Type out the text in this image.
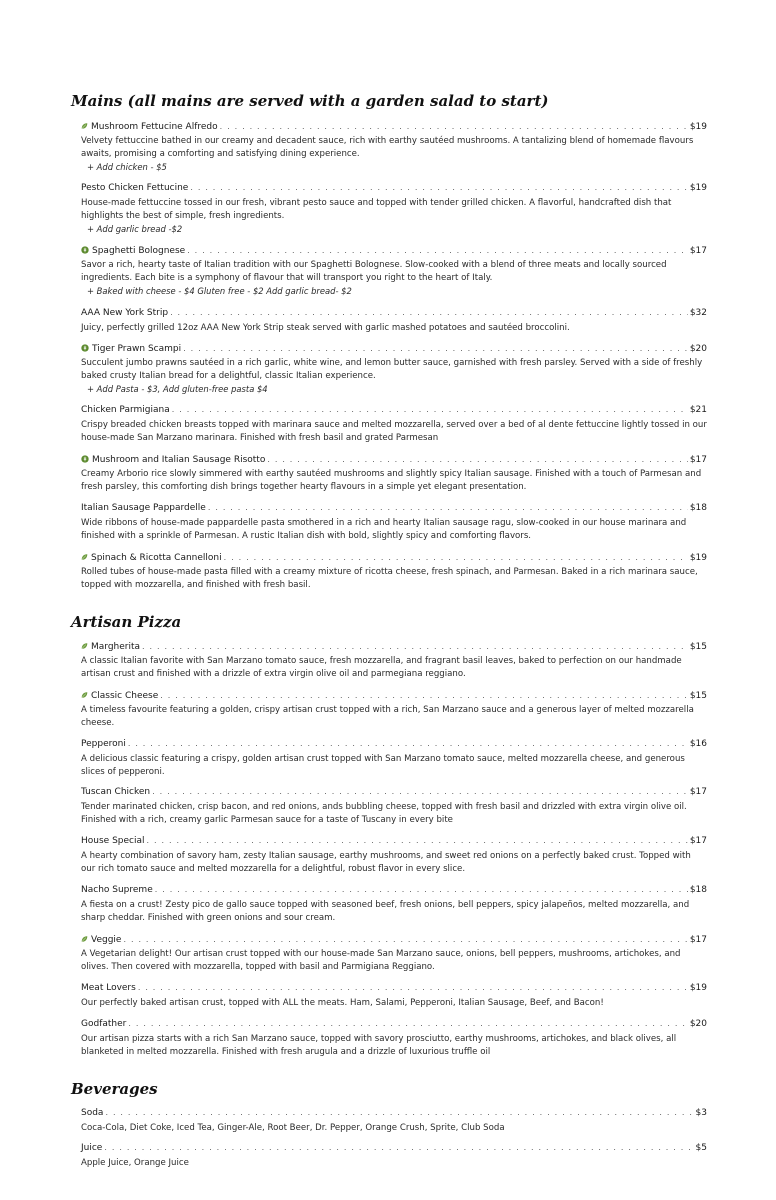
Mains (all mains are served with a garden salad to start)
Mushroom Fettucine Alfredo . . .	$19

Velvety fettuccine bathed in our creamy and decadent sauce, rich with earthy sautéed mushrooms. A tantalizing blend of homemade flavours awaits, promising a comforting and satisfying dining experience.

+ Add chicken - $5

Pesto Chicken Fettucine . . .	$19

House-made fettuccine tossed in our fresh, vibrant pesto sauce and topped with tender grilled chicken. A flavorful, handcrafted dish that highlights the best of simple, fresh ingredients.

+ Add garlic bread -$2

Spaghetti Bolognese . . .	$17

Savor a rich, hearty taste of Italian tradition with our Spaghetti Bolognese. Slow-cooked with a blend of three meats and locally sourced ingredients. Each bite is a symphony of flavour that will transport you right to the heart of Italy.

+ Baked with cheese - $4 Gluten free - $2 Add garlic bread- $2

AAA New York Strip . . .	$32

Juicy, perfectly grilled 12oz AAA New York Strip steak served with garlic mashed potatoes and sautéed broccolini.

Tiger Prawn Scampi . . .	$20

Succulent jumbo prawns sautéed in a rich garlic, white wine, and lemon butter sauce, garnished with fresh parsley. Served with a side of freshly baked crusty Italian bread for a delightful, classic Italian experience.

+ Add Pasta - $3, Add gluten-free pasta $4

Chicken Parmigiana . . .	$21

Crispy breaded chicken breasts topped with marinara sauce and melted mozzarella, served over a bed of al dente fettuccine lightly tossed in our house-made San Marzano marinara. Finished with fresh basil and grated Parmesan

Mushroom and Italian Sausage Risotto . . .	$17

Creamy Arborio rice slowly simmered with earthy sautéed mushrooms and slightly spicy Italian sausage. Finished with a touch of Parmesan and fresh parsley, this comforting dish brings together hearty flavours in a simple yet elegant presentation.

Italian Sausage Pappardelle . . .	$18

Wide ribbons of house-made pappardelle pasta smothered in a rich and hearty Italian sausage ragu, slow-cooked in our house marinara and finished with a sprinkle of Parmesan. A rustic Italian dish with bold, slightly spicy and comforting flavors.

Spinach & Ricotta Cannelloni . . .	$19

Rolled tubes of house-made pasta filled with a creamy mixture of ricotta cheese, fresh spinach, and Parmesan. Baked in a rich marinara sauce, topped with mozzarella, and finished with fresh basil.

Artisan Pizza
Margherita . . .	$15

A classic Italian favorite with San Marzano tomato sauce, fresh mozzarella, and fragrant basil leaves, baked to perfection on our handmade artisan crust and finished with a drizzle of extra virgin olive oil and parmegiana reggiano.

Classic Cheese . . .	$15

A timeless favourite featuring a golden, crispy artisan crust topped with a rich, San Marzano sauce and a generous layer of melted mozzarella cheese.

Pepperoni . . .	$16

A delicious classic featuring a crispy, golden artisan crust topped with San Marzano tomato sauce, melted mozzarella cheese, and generous slices of pepperoni.

Tuscan Chicken . . .	$17

Tender marinated chicken, crisp bacon, and red onions, ands bubbling cheese, topped with fresh basil and drizzled with extra virgin olive oil. Finished with a rich, creamy garlic Parmesan sauce for a taste of Tuscany in every bite

House Special . . .	$17

A hearty combination of savory ham, zesty Italian sausage, earthy mushrooms, and sweet red onions on a perfectly baked crust. Topped with our rich tomato sauce and melted mozzarella for a delightful, robust flavor in every slice.

Nacho Supreme . . .	$18

A fiesta on a crust! Zesty pico de gallo sauce topped with seasoned beef, fresh onions, bell peppers, spicy jalapeños, melted mozzarella, and sharp cheddar. Finished with green onions and sour cream.

Veggie . . .	$17

A Vegetarian delight! Our artisan crust topped with our house-made San Marzano sauce, onions, bell peppers, mushrooms, artichokes, and olives. Then covered with mozzarella, topped with basil and Parmigiana Reggiano.

Meat Lovers . . .	$19

Our perfectly baked artisan crust, topped with ALL the meats. Ham, Salami, Pepperoni, Italian Sausage, Beef, and Bacon!

Godfather . . .	$20

Our artisan pizza starts with a rich San Marzano sauce, topped with savory prosciutto, earthy mushrooms, artichokes, and black olives, all blanketed in melted mozzarella. Finished with fresh arugula and a drizzle of luxurious truffle oil

Beverages
Soda . . .	$3

Coca-Cola, Diet Coke, Iced Tea, Ginger-Ale, Root Beer, Dr. Pepper, Orange Crush, Sprite, Club Soda

Juice . . .	$5

Apple Juice, Orange Juice
